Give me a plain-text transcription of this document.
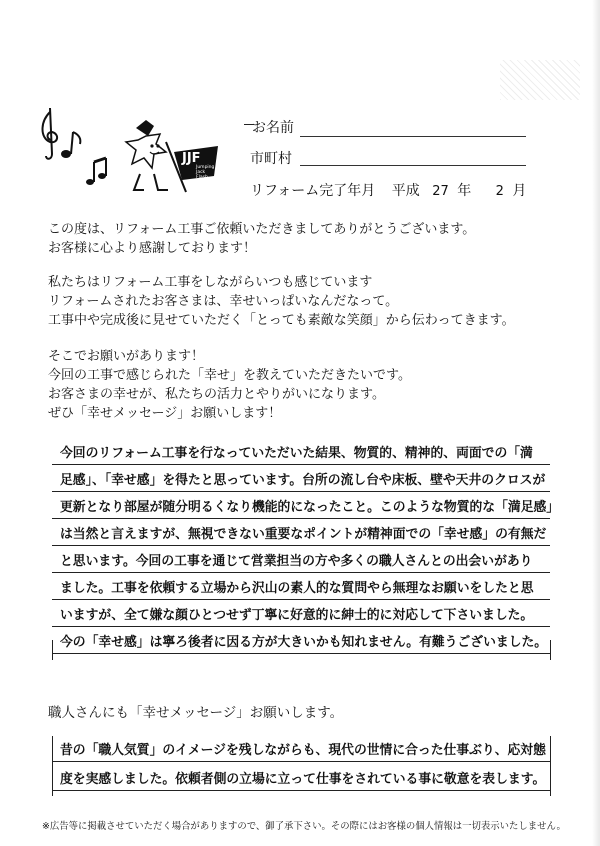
JJF
Jumping
Jack
Flash
お名前
市町村
リフォーム完了年月 平成 27 年 2 月
この度は、リフォーム工事ご依頼いただきましてありがとうございます。
お客様に心より感謝しております！
私たちはリフォーム工事をしながらいつも感じています
リフォームされたお客さまは、幸せいっぱいなんだなって。
工事中や完成後に見せていただく「とっても素敵な笑顔」から伝わってきます。
そこでお願いがあります！
今回の工事で感じられた「幸せ」を教えていただきたいです。
お客さまの幸せが、私たちの活力とやりがいになります。
ぜひ「幸せメッセージ」お願いします！
今回のリフォーム工事を行なっていただいた結果、物質的、精神的、両面での「満
足感」、「幸せ感」を得たと思っています。台所の流し台や床板、壁や天井のクロスが
更新となり部屋が随分明るくなり機能的になったこと。このような物質的な「満足感」
は当然と言えますが、無視できない重要なポイントが精神面での「幸せ感」の有無だ
と思います。今回の工事を通じて営業担当の方や多くの職人さんとの出会いがあり
ました。工事を依頼する立場から沢山の素人的な質問やら無理なお願いをしたと思
いますが、全て嫌な顔ひとつせず丁寧に好意的に紳士的に対応して下さいました。
今の「幸せ感」は寧ろ後者に因る方が大きいかも知れません。有難うございました。
職人さんにも「幸せメッセージ」お願いします。
昔の「職人気質」のイメージを残しながらも、現代の世情に合った仕事ぶり、応対態
度を実感しました。依頼者側の立場に立って仕事をされている事に敬意を表します。
※広告等に掲載させていただく場合がありますので、御了承下さい。その際にはお客様の個人情報は一切表示いたしません。
